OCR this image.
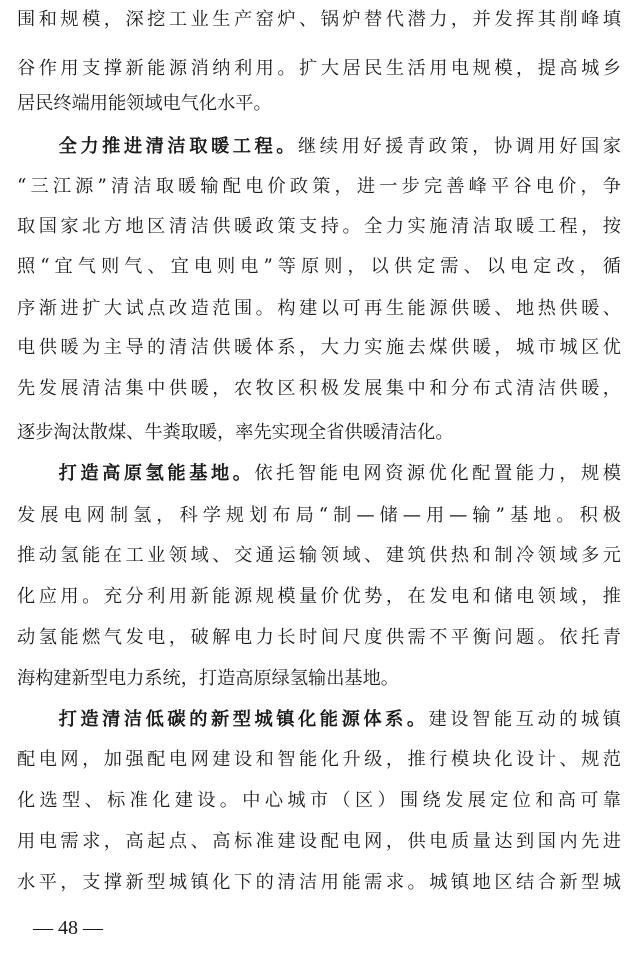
围和规模，深挖工业生产窑炉、锅炉替代潜力，并发挥其削峰填
谷作用支撑新能源消纳利用。扩大居民生活用电规模，提高城乡
居民终端用能领域电气化水平。
全力推进清洁取暖工程。继续用好援青政策，协调用好国家
“三江源”清洁取暖输配电价政策，进一步完善峰平谷电价，争
取国家北方地区清洁供暖政策支持。全力实施清洁取暖工程，按
照“宜气则气、宜电则电”等原则，以供定需、以电定改，循
序渐进扩大试点改造范围。构建以可再生能源供暖、地热供暖、
电供暖为主导的清洁供暖体系，大力实施去煤供暖，城市城区优
先发展清洁集中供暖，农牧区积极发展集中和分布式清洁供暖，
逐步淘汰散煤、牛粪取暖，率先实现全省供暖清洁化。
打造高原氢能基地。依托智能电网资源优化配置能力，规模
发展电网制氢，科学规划布局“制—储—用—输”基地。积极
推动氢能在工业领域、交通运输领域、建筑供热和制冷领域多元
化应用。充分利用新能源规模量价优势，在发电和储电领域，推
动氢能燃气发电，破解电力长时间尺度供需不平衡问题。依托青
海构建新型电力系统，打造高原绿氢输出基地。
打造清洁低碳的新型城镇化能源体系。建设智能互动的城镇
配电网，加强配电网建设和智能化升级，推行模块化设计、规范
化选型、标准化建设。中心城市（区）围绕发展定位和高可靠
用电需求，高起点、高标准建设配电网，供电质量达到国内先进
水平，支撑新型城镇化下的清洁用能需求。城镇地区结合新型城
— 48 —
